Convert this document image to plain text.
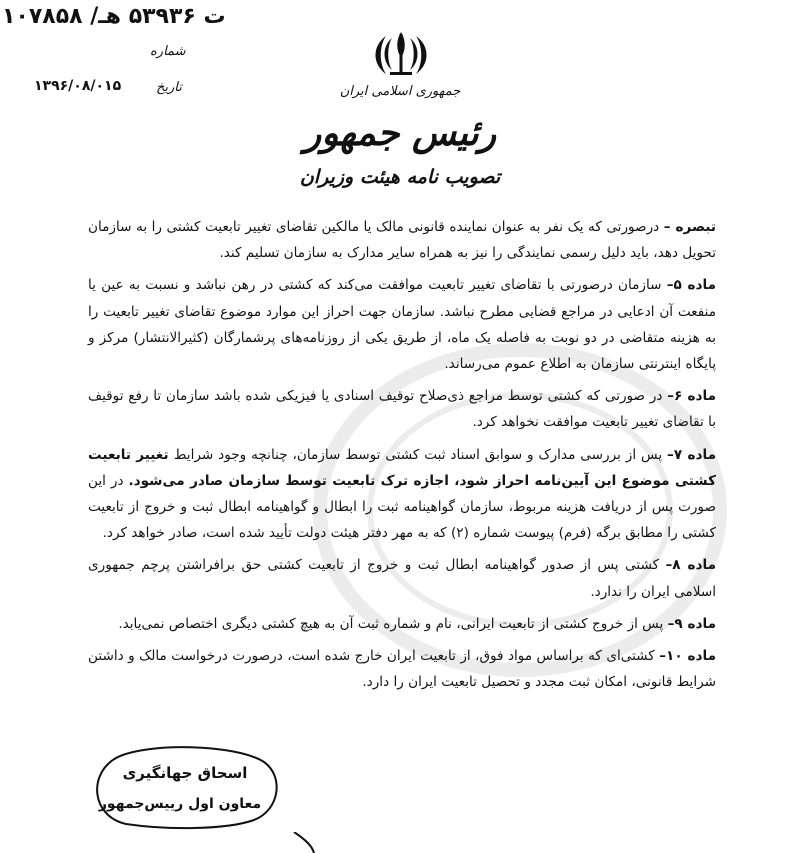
۱۰۷۸۵۸ /ت ۵۳۹۳۶ هـ
شماره
۱۳۹۶/۰۸/۰۱۵	تاریخ	جمهوری اسلامی ایران
رئیس جمهور
تصویب نامه هیئت وزیران

تبصره – درصورتی که یک نفر به عنوان نماینده قانونی مالک یا مالکین تقاضای تغییر تابعیت کشتی را به سازمان تحویل دهد، باید دلیل رسمی نمایندگی را نیز به همراه سایر مدارک به سازمان تسلیم کند.

ماده ۵– سازمان درصورتی با تقاضای تغییر تابعیت موافقت می‌کند که کشتی در رهن نباشد و نسبت به عین یا منفعت آن ادعایی در مراجع قضایی مطرح نباشد. سازمان جهت احراز این موارد موضوع تقاضای تغییر تابعیت را به هزینه متقاضی در دو نوبت به فاصله یک ماه، از طریق یکی از روزنامه‌های پرشمارگان (کثیرالانتشار) مرکز و پایگاه اینترنتی سازمان به اطلاع عموم می‌رساند.

ماده ۶– در صورتی که کشتی توسط مراجع ذی‌صلاح توقیف اسنادی یا فیزیکی شده باشد سازمان تا رفع توقیف با تقاضای تغییر تابعیت موافقت نخواهد کرد.

ماده ۷– پس از بررسی مدارک و سوابق اسناد ثبت کشتی توسط سازمان، چنانچه وجود شرایط تغییر تابعیت کشتی موضوع این آیین‌نامه احراز شود، اجازه ترک تابعیت توسط سازمان صادر می‌شود. در این صورت پس از دریافت هزینه مربوط، سازمان گواهینامه ثبت را ابطال و گواهینامه ابطال ثبت و خروج از تابعیت کشتی را مطابق برگه (فرم) پیوست شماره (۲) که به مهر دفتر هیئت دولت تأیید شده است، صادر خواهد کرد.

ماده ۸– کشتی پس از صدور گواهینامه ابطال ثبت و خروج از تابعیت کشتی حق برافراشتن پرچم جمهوری اسلامی ایران را ندارد.

ماده ۹– پس از خروج کشتی از تابعیت ایرانی، نام و شماره ثبت آن به هیچ کشتی دیگری اختصاص نمی‌یابد.

ماده ۱۰– کشتی‌ای که براساس مواد فوق، از تابعیت ایران خارج شده است، درصورت درخواست مالک و داشتن شرایط قانونی، امکان ثبت مجدد و تحصیل تابعیت ایران را دارد.

اسحاق جهانگیری
معاون اول رییس‌جمهور
